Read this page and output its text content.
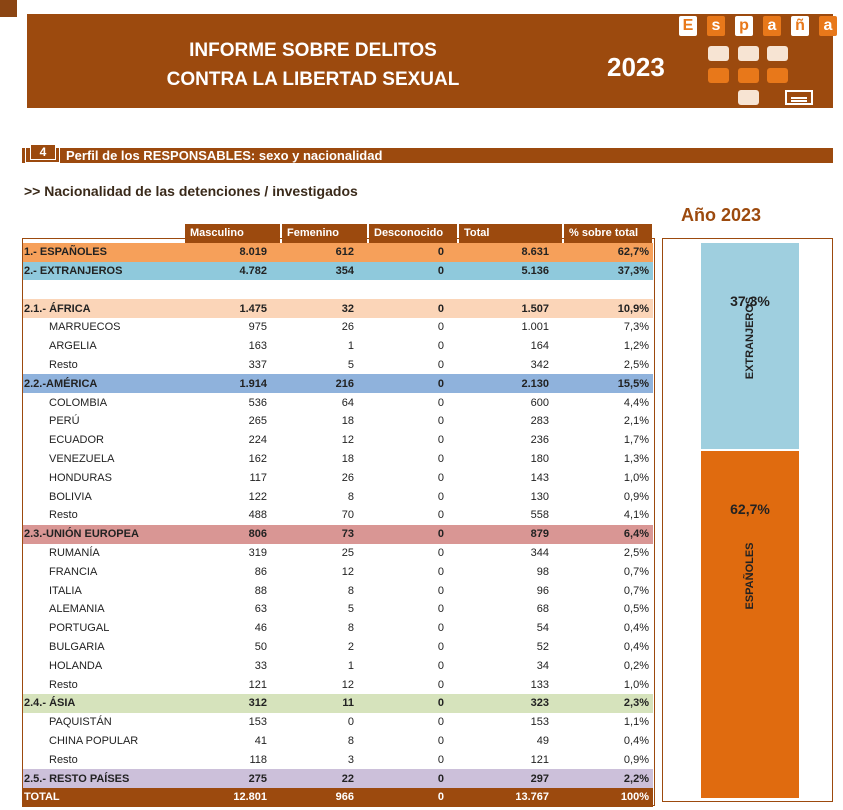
INFORME SOBRE DELITOS
CONTRA LA LIBERTAD SEXUAL	2023
E s p a ñ a
4	Perfil de los RESPONSABLES: sexo y nacionalidad
>> Nacionalidad de las detenciones / investigados
	Masculino	Femenino	Desconocido	Total	% sobre total
1.- ESPAÑOLES	8.019	612	0	8.631	62,7%
2.- EXTRANJEROS	4.782	354	0	5.136	37,3%

2.1.- ÁFRICA	1.475	32	0	1.507	10,9%
MARRUECOS	975	26	0	1.001	7,3%
ARGELIA	163	1	0	164	1,2%
Resto	337	5	0	342	2,5%
2.2.-AMÉRICA	1.914	216	0	2.130	15,5%
COLOMBIA	536	64	0	600	4,4%
PERÚ	265	18	0	283	2,1%
ECUADOR	224	12	0	236	1,7%
VENEZUELA	162	18	0	180	1,3%
HONDURAS	117	26	0	143	1,0%
BOLIVIA	122	8	0	130	0,9%
Resto	488	70	0	558	4,1%
2.3.-UNIÓN EUROPEA	806	73	0	879	6,4%
RUMANÍA	319	25	0	344	2,5%
FRANCIA	86	12	0	98	0,7%
ITALIA	88	8	0	96	0,7%
ALEMANIA	63	5	0	68	0,5%
PORTUGAL	46	8	0	54	0,4%
BULGARIA	50	2	0	52	0,4%
HOLANDA	33	1	0	34	0,2%
Resto	121	12	0	133	1,0%
2.4.- ÁSIA	312	11	0	323	2,3%
PAQUISTÁN	153	0	0	153	1,1%
CHINA POPULAR	41	8	0	49	0,4%
Resto	118	3	0	121	0,9%
2.5.- RESTO PAÍSES	275	22	0	297	2,2%
TOTAL	12.801	966	0	13.767	100%
Año 2023
37,3%
62,7%
EXTRANJEROS
ESPAÑOLES
